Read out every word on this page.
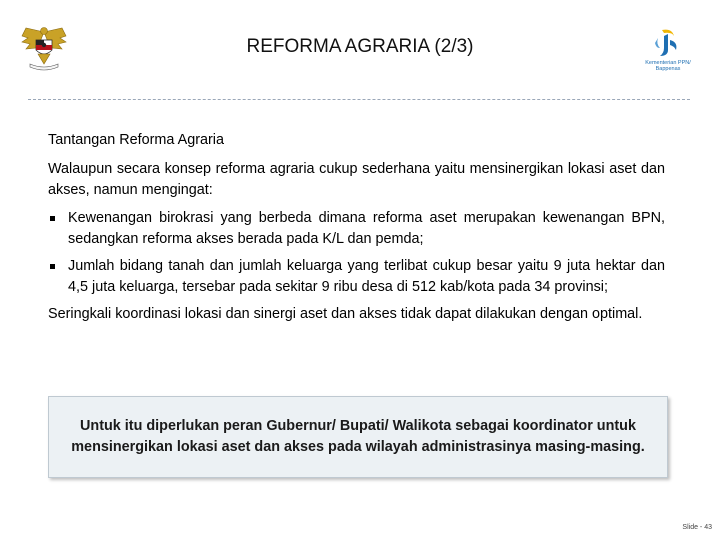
REFORMA AGRARIA (2/3)
Kementerian PPN/ Bappenas

Tantangan Reforma Agraria

Walaupun secara konsep reforma agraria cukup sederhana yaitu mensinergikan lokasi aset dan akses, namun mengingat:

Kewenangan birokrasi yang berbeda dimana reforma aset merupakan kewenangan BPN, sedangkan reforma akses berada pada K/L dan pemda;
Jumlah bidang tanah dan jumlah keluarga yang terlibat cukup besar yaitu 9 juta hektar dan 4,5 juta keluarga, tersebar pada sekitar 9 ribu desa di 512 kab/kota pada 34 provinsi;

Seringkali koordinasi lokasi dan sinergi aset dan akses tidak dapat dilakukan dengan optimal.

Untuk itu diperlukan peran Gubernur/ Bupati/ Walikota sebagai koordinator untuk mensinergikan lokasi aset dan akses pada wilayah administrasinya masing-masing.
Slide - 43
